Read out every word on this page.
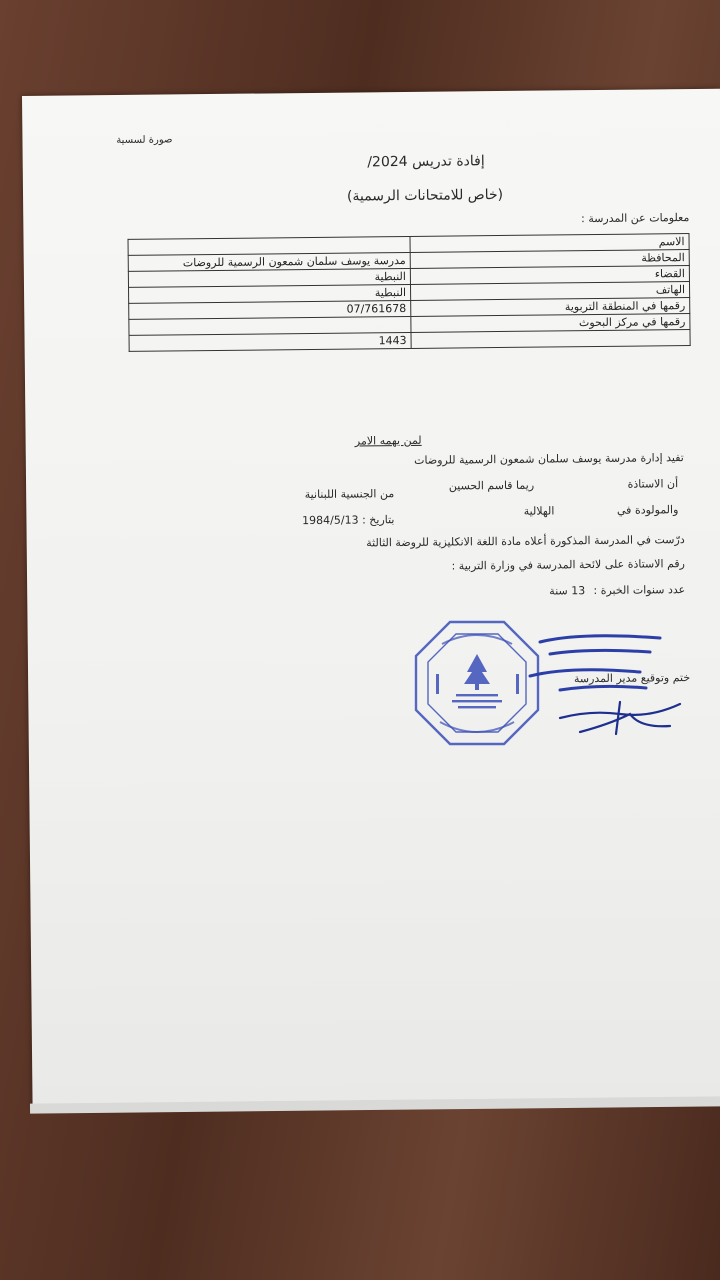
صورة لسسية
إفادة تدريس 2024/
(خاص للامتحانات الرسمية)
معلومات عن المدرسة :
الاسم	
المحافظة	مدرسة يوسف سلمان شمعون الرسمية للروضات
القضاء	النبطية
الهاتف	النبطية
رقمها في المنطقة التربوية	07/761678
رقمها في مركز البحوث	
	1443
لمن يهمه الامر
تفيد إدارة مدرسة يوسف سلمان شمعون الرسمية للروضات
أن الاستاذة
ريما قاسم الحسين
من الجنسية اللبنانية
والمولودة في
الهلالية
بتاريخ : 1984/5/13
درّست في المدرسة المذكورة أعلاه مادة اللغة الانكليزية للروضة الثالثة
رقم الاستاذة على لائحة المدرسة في وزارة التربية :
عدد سنوات الخبرة :
13 سنة
ختم وتوقيع مدير المدرسة
